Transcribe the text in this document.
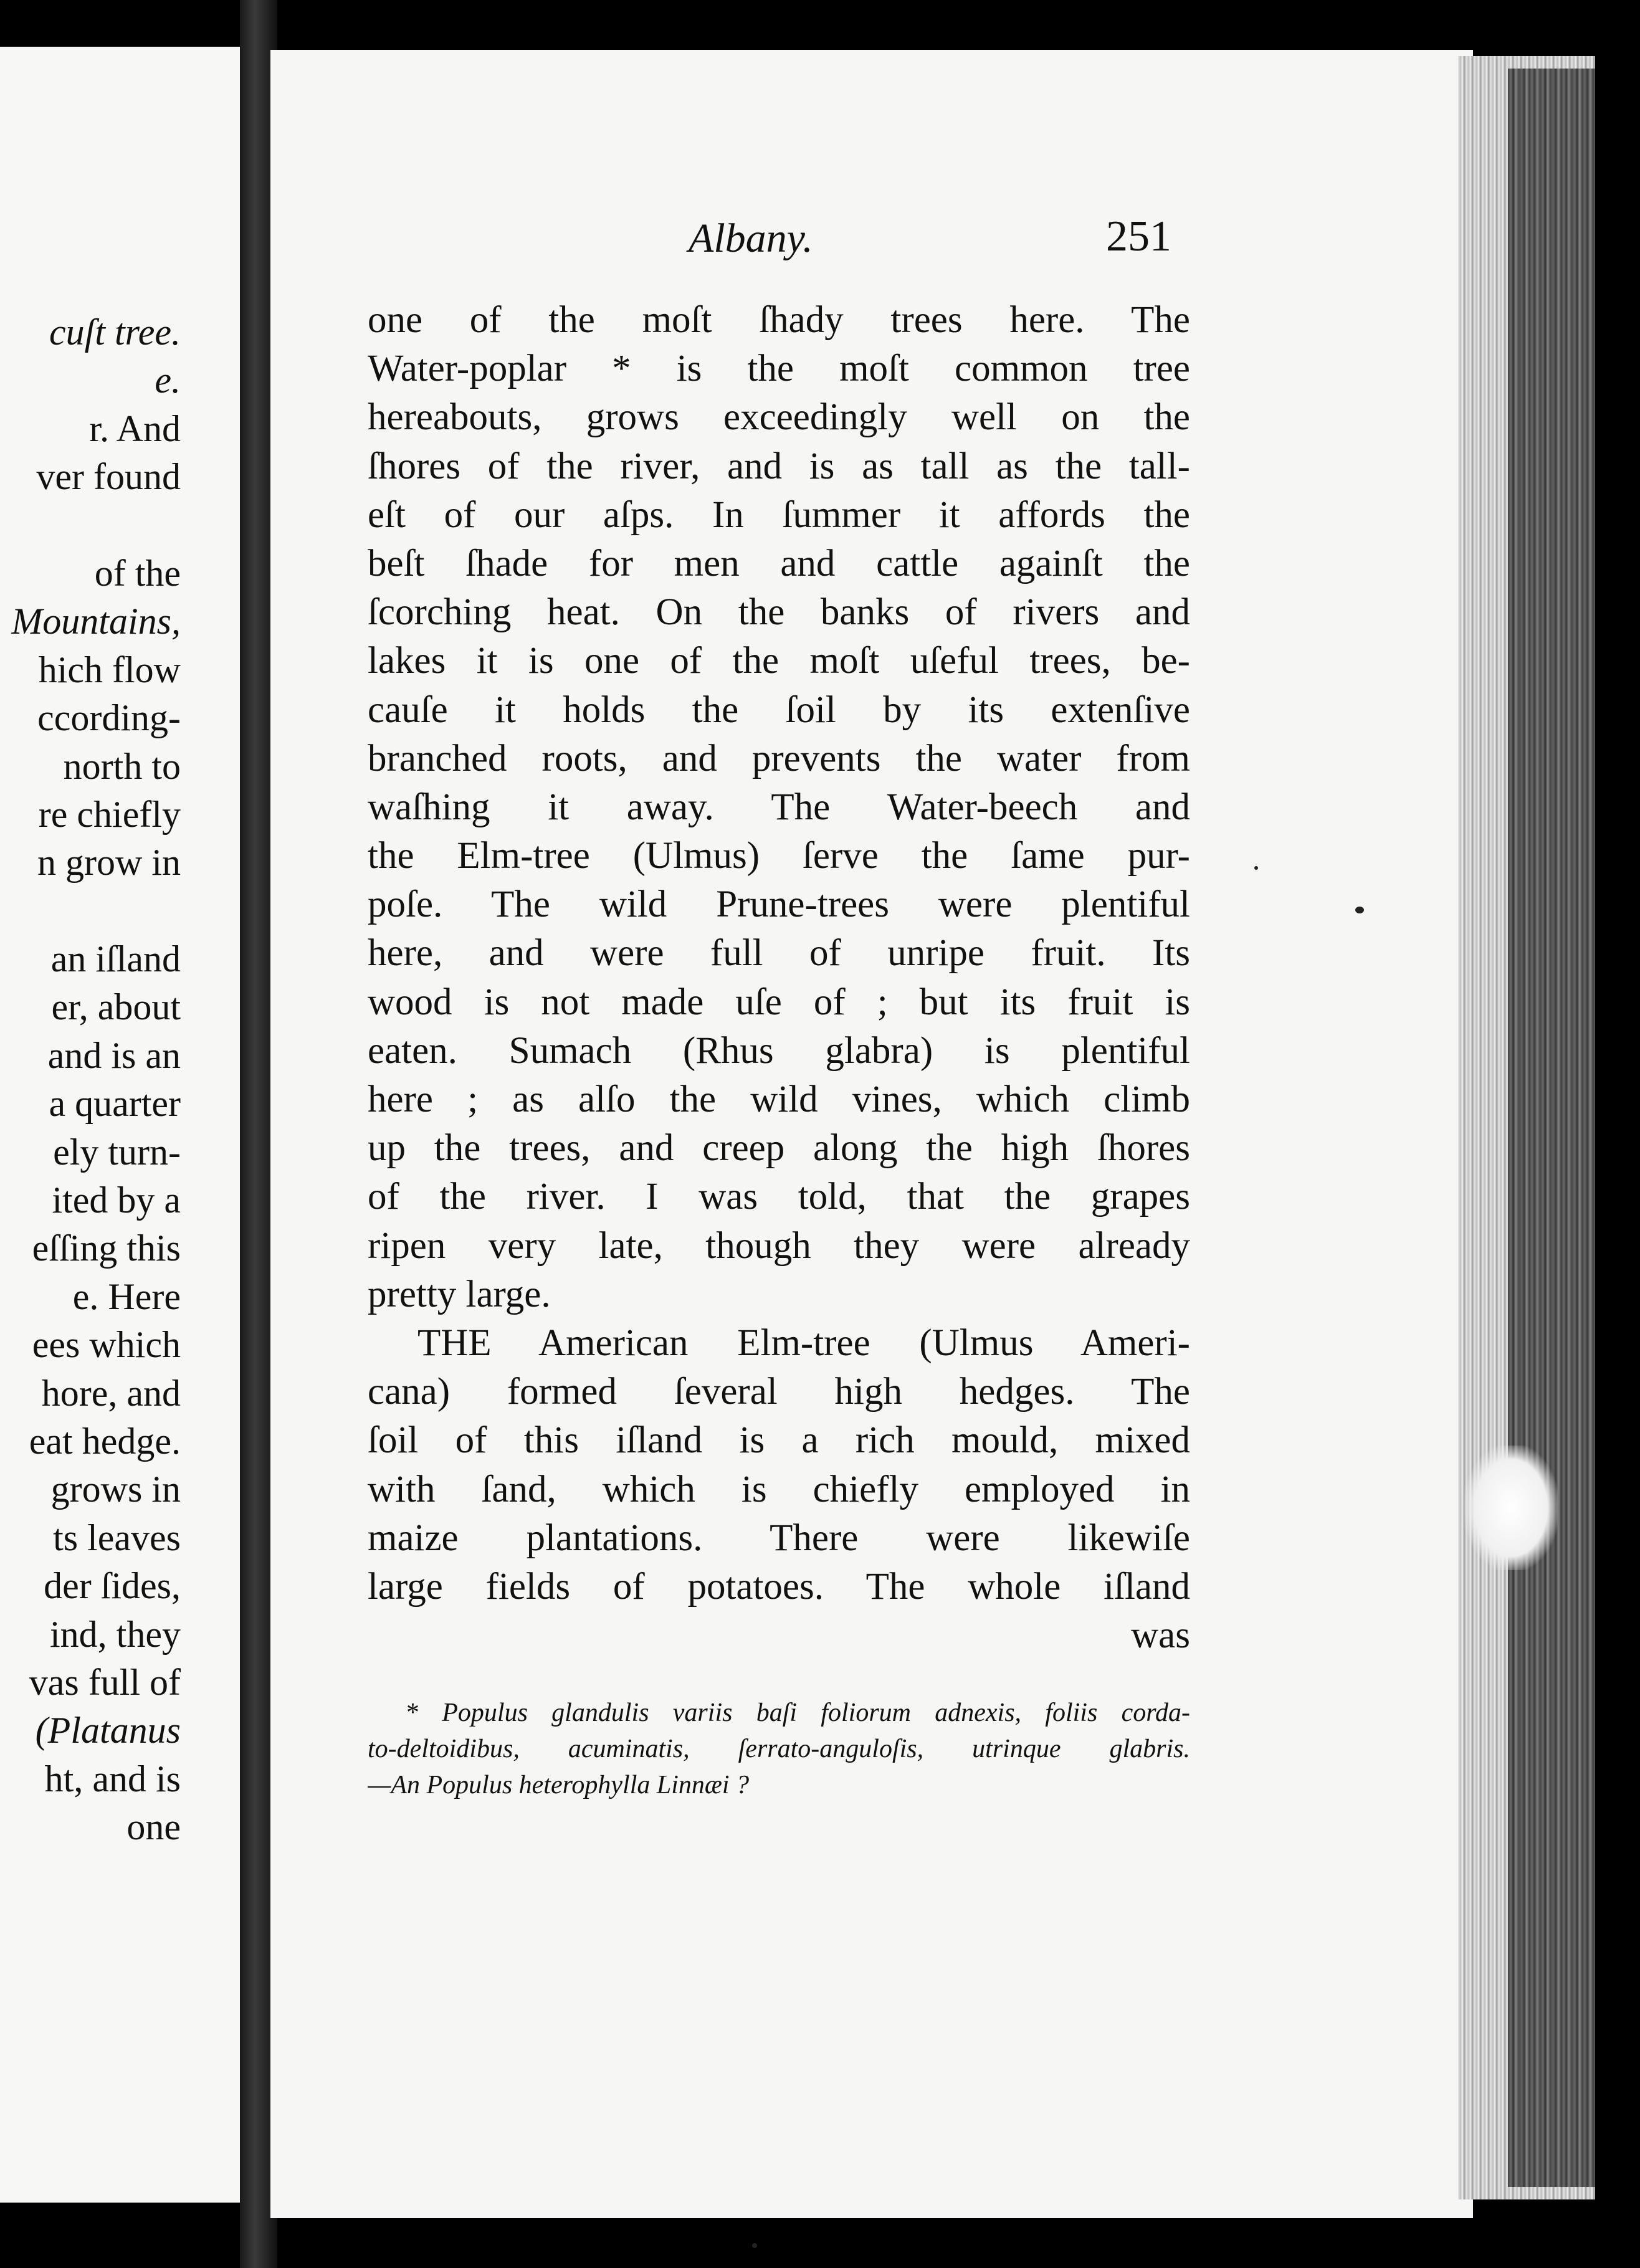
cuſt tree.
e.
r. And
ver found
of the
Mountains,
hich flow
ccording-
north to
re chiefly
n grow in
an iſland
er, about
and is an
a quarter
ely turn-
ited by a
eſſing this
e. Here
ees which
hore, and
eat hedge.
grows in
ts leaves
der ſides,
ind, they
vas full of
(Platanus
ht, and is
one
Albany.	251
one of the moſt ſhady trees here. The
Water-poplar * is the moſt common tree
hereabouts, grows exceedingly well on the
ſhores of the river, and is as tall as the tall-
eſt of our aſps. In ſummer it affords the
beſt ſhade for men and cattle againſt the
ſcorching heat. On the banks of rivers and
lakes it is one of the moſt uſeful trees, be-
cauſe it holds the ſoil by its extenſive
branched roots, and prevents the water from
waſhing it away. The Water-beech and
the Elm-tree (Ulmus) ſerve the ſame pur-
poſe. The wild Prune-trees were plentiful
here, and were full of unripe fruit. Its
wood is not made uſe of ; but its fruit is
eaten. Sumach (Rhus glabra) is plentiful
here ; as alſo the wild vines, which climb
up the trees, and creep along the high ſhores
of the river. I was told, that the grapes
ripen very late, though they were already
pretty large.
THE American Elm-tree (Ulmus Ameri-
cana) formed ſeveral high hedges. The
ſoil of this iſland is a rich mould, mixed
with ſand, which is chiefly employed in
maize plantations. There were likewiſe
large fields of potatoes. The whole iſland
was
* Populus glandulis variis baſi foliorum adnexis, foliis corda-
to-deltoidibus, acuminatis, ſerrato-anguloſis, utrinque glabris.
—An Populus heterophylla Linnæi ?
